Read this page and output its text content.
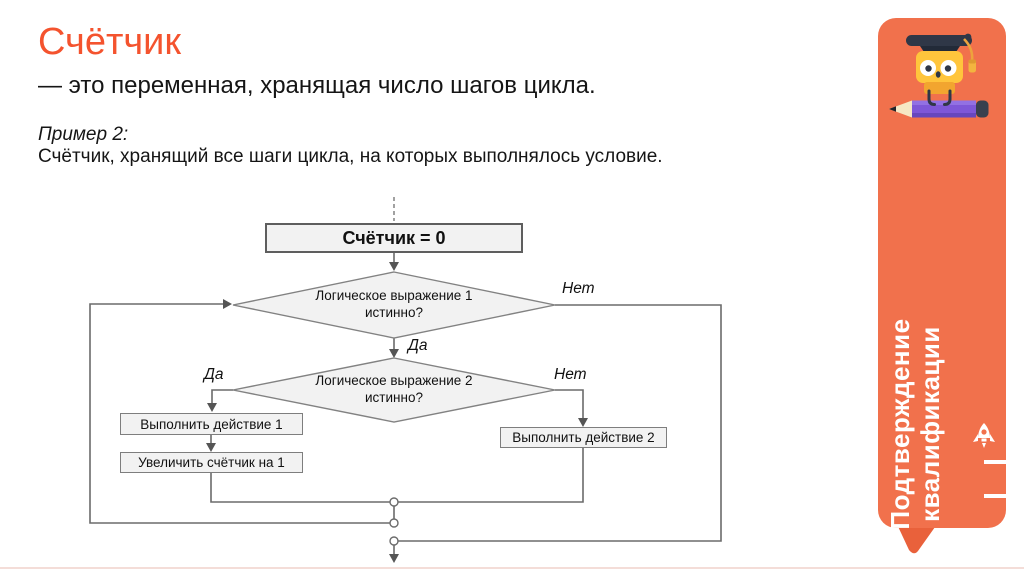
Счётчик
— это переменная, хранящая число шагов цикла.
Пример 2:
Счётчик, хранящий все шаги цикла, на которых выполнялось условие.
Счётчик = 0
Логическое выражение 1
истинно?
Логическое выражение 2
истинно?
Выполнить действие 1
Увеличить счётчик на 1
Выполнить действие 2
Нет
Да
Да	Нет	Подтверждение квалификации
